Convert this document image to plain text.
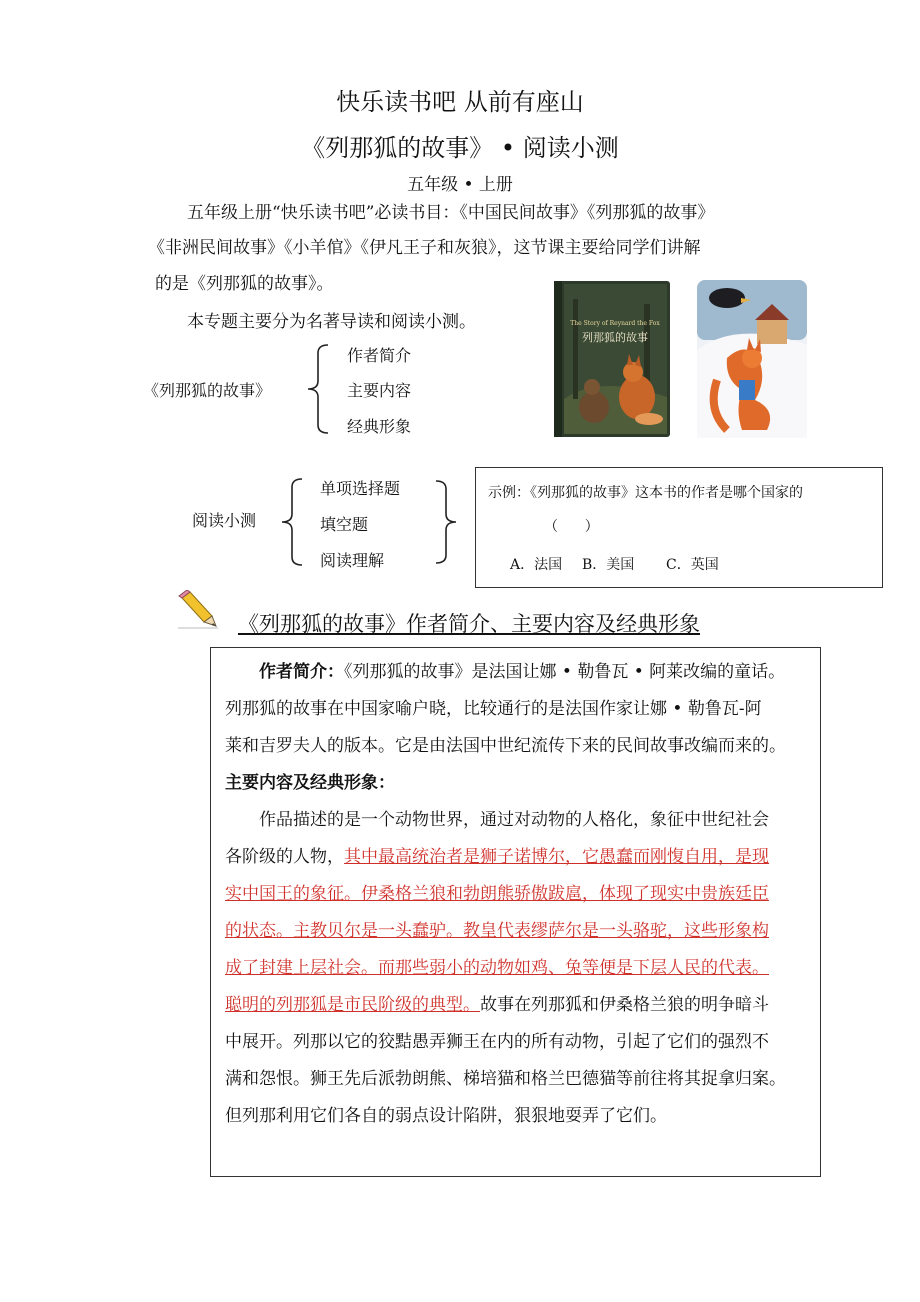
快乐读书吧 从前有座山
《列那狐的故事》 • 阅读小测
五年级 • 上册
五年级上册“快乐读书吧”必读书目：《中国民间故事》《列那狐的故事》
《非洲民间故事》《小羊倌》《伊凡王子和灰狼》，这节课主要给同学们讲解
的是《列那狐的故事》。
本专题主要分为名著导读和阅读小测。
《列那狐的故事》
作者简介
主要内容
经典形象
The Story of Reynard the Fox
列那狐的故事
阅读小测
单项选择题
填空题
阅读理解
示例：《列那狐的故事》这本书的作者是哪个国家的
（      ）
A．法国 B．美国 C．英国
《列那狐的故事》作者简介、主要内容及经典形象
作者简介：《列那狐的故事》是法国让娜 • 勒鲁瓦 • 阿莱改编的童话。
列那狐的故事在中国家喻户晓，比较通行的是法国作家让娜 • 勒鲁瓦-阿
莱和吉罗夫人的版本。它是由法国中世纪流传下来的民间故事改编而来的。
主要内容及经典形象：
作品描述的是一个动物世界，通过对动物的人格化，象征中世纪社会
各阶级的人物，其中最高统治者是狮子诺博尔，它愚蠢而刚愎自用，是现
实中国王的象征。伊桑格兰狼和勃朗熊骄傲跋扈，体现了现实中贵族廷臣
的状态。主教贝尔是一头蠢驴。教皇代表缪萨尔是一头骆驼，这些形象构
成了封建上层社会。而那些弱小的动物如鸡、兔等便是下层人民的代表。
聪明的列那狐是市民阶级的典型。故事在列那狐和伊桑格兰狼的明争暗斗
中展开。列那以它的狡黠愚弄狮王在内的所有动物，引起了它们的强烈不
满和怨恨。狮王先后派勃朗熊、梯培猫和格兰巴德猫等前往将其捉拿归案。
但列那利用它们各自的弱点设计陷阱，狠狠地耍弄了它们。
